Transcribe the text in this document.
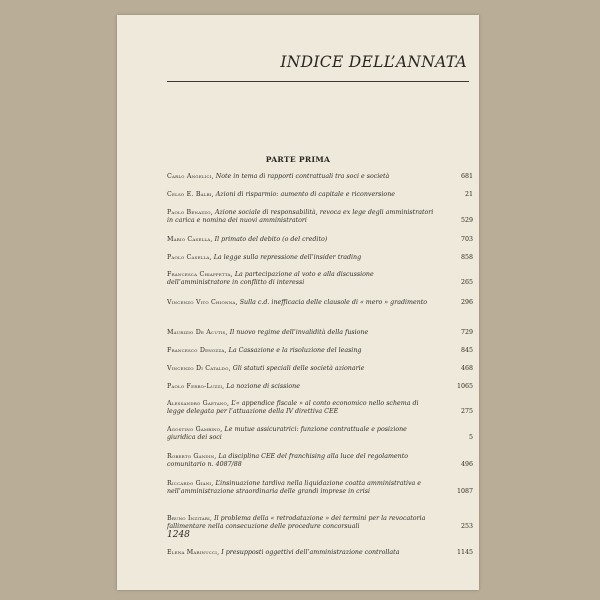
INDICE DELL’ANNATA
PARTE PRIMA
Carlo Angelici, Note in tema di rapporti contrattuali tra soci e società	681
Celso E. Balbi, Azioni di risparmio: aumento di capitale e riconversione	21
Paolo Benazzo, Azione sociale di responsabilità, revoca ex lege degli amministratori in carica e nomina dei nuovi amministratori	529
Mario Casella, Il primato del debito (o del credito)	703
Paolo Casella, La legge sulla repressione dell’insider trading	858
Francesca Chiappetta, La partecipazione al voto e alla discussione dell’amministratore in conflitto di interessi	265
Vincenzo Vito Chionna, Sulla c.d. inefficacia delle clausole di « mero » gradimento	296
Maurizio De Acutis, Il nuovo regime dell’invalidità della fusione	729
Francesco Denozza, La Cassazione e la risoluzione del leasing	845
Vincenzo Di Cataldo, Gli statuti speciali delle società azionarie	468
Paolo Ferro-Luzzi, La nozione di scissione	1065
Alessandro Gaetano, L’« appendice fiscale » al conto economico nello schema di legge delegata per l’attuazione della IV direttiva CEE	275
Agostino Gambino, Le mutue assicuratrici: funzione contrattuale e posizione giuridica dei soci	5
Roberto Gandin, La disciplina CEE del franchising alla luce del regolamento comunitario n. 4087/88	496
Riccardo Giani, L’insinuazione tardiva nella liquidazione coatta amministrativa e nell’amministrazione straordinaria delle grandi imprese in crisi	1087
Bruno Inzitari, Il problema della « retrodatazione » dei termini per la revocatoria fallimentare nella consecuzione delle procedure concorsuali	253
Elena Marinucci, I presupposti oggettivi dell’amministrazione controllata	1145
1248
